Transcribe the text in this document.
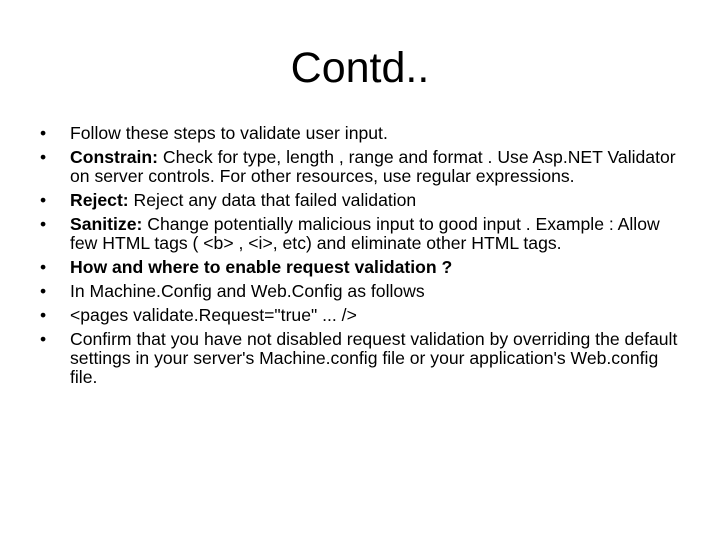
Contd..
• Follow these steps to validate user input.
• Constrain: Check for type, length , range and format . Use Asp.NET Validator on server controls. For other resources, use regular expressions.
• Reject: Reject any data that failed validation
• Sanitize: Change potentially malicious input to good input . Example : Allow few HTML tags ( <b> , <i>, etc) and eliminate other HTML tags.
• How and where to enable request validation ?
• In Machine.Config and Web.Config as follows
• <pages validate.Request="true" ... />
• Confirm that you have not disabled request validation by overriding the default settings in your server's Machine.config file or your application's Web.config file.
